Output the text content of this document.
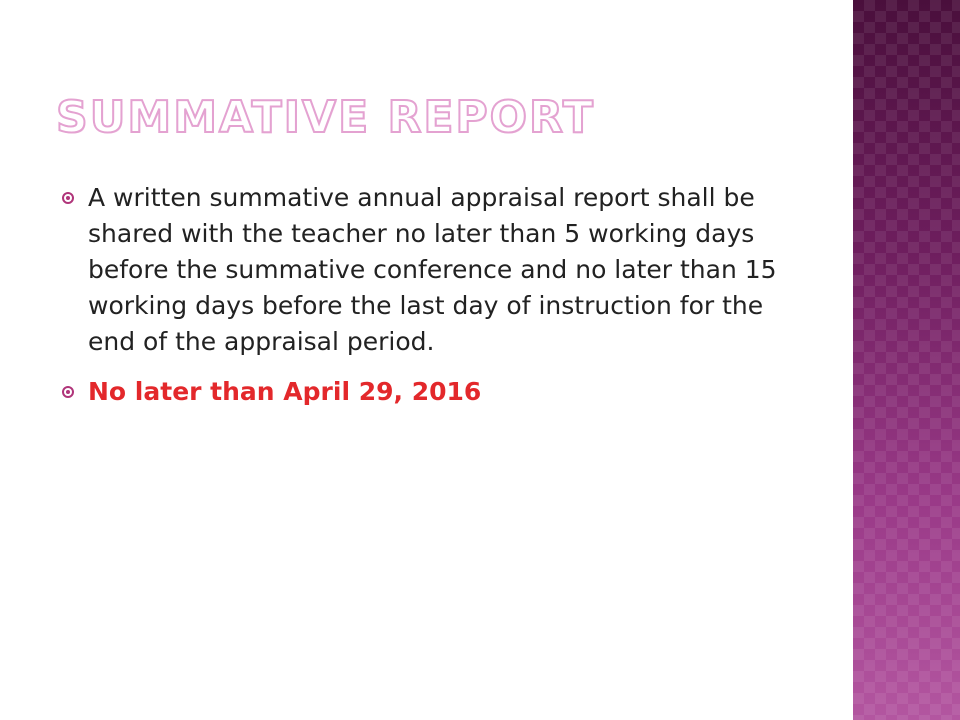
SUMMATIVE REPORT
A written summative annual appraisal report shall be shared with the teacher no later than 5 working days before the summative conference and no later than 15 working days before the last day of instruction for the end of the appraisal period.
No later than April 29, 2016
